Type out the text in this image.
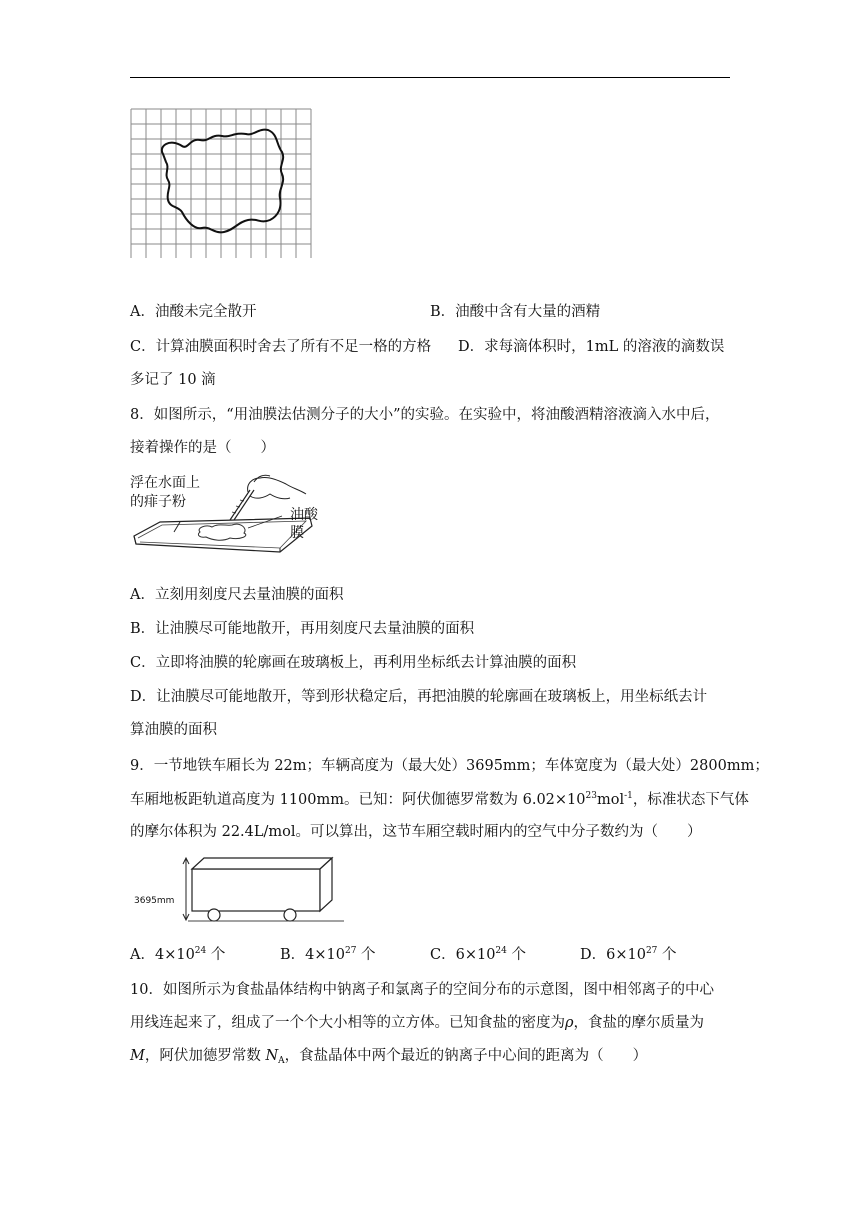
A．油酸未完全散开	B．油酸中含有大量的酒精
C．计算油膜面积时舍去了所有不足一格的方格 D．求每滴体积时，1mL 的溶液的滴数误
多记了 10 滴
8．如图所示，“用油膜法估测分子的大小”的实验。在实验中，将油酸酒精溶液滴入水中后，
接着操作的是（　　）
浮在水面上
的痱子粉
油酸膜
A．立刻用刻度尺去量油膜的面积
B．让油膜尽可能地散开，再用刻度尺去量油膜的面积
C．立即将油膜的轮廓画在玻璃板上，再利用坐标纸去计算油膜的面积
D．让油膜尽可能地散开，等到形状稳定后，再把油膜的轮廓画在玻璃板上，用坐标纸去计
算油膜的面积
9．一节地铁车厢长为 22m；车辆高度为（最大处）3695mm；车体宽度为（最大处）2800mm；
车厢地板距轨道高度为 1100mm。已知：阿伏伽德罗常数为 $6.02\times 10^{23}mol^{-1}$，标准状态下气体
的摩尔体积为 22.4L/mol。可以算出，这节车厢空载时厢内的空气中分子数约为（　　）
3695mm
A．$4\times 10^{24}$ 个	B．$4\times 10^{27}$ 个	C．$6\times 10^{24}$ 个	D．$6\times 10^{27}$ 个
10．如图所示为食盐晶体结构中钠离子和氯离子的空间分布的示意图，图中相邻离子的中心
用线连起来了，组成了一个个大小相等的立方体。已知食盐的密度为ρ，食盐的摩尔质量为
M，阿伏加德罗常数 $N_A$，食盐晶体中两个最近的钠离子中心间的距离为（　　）
